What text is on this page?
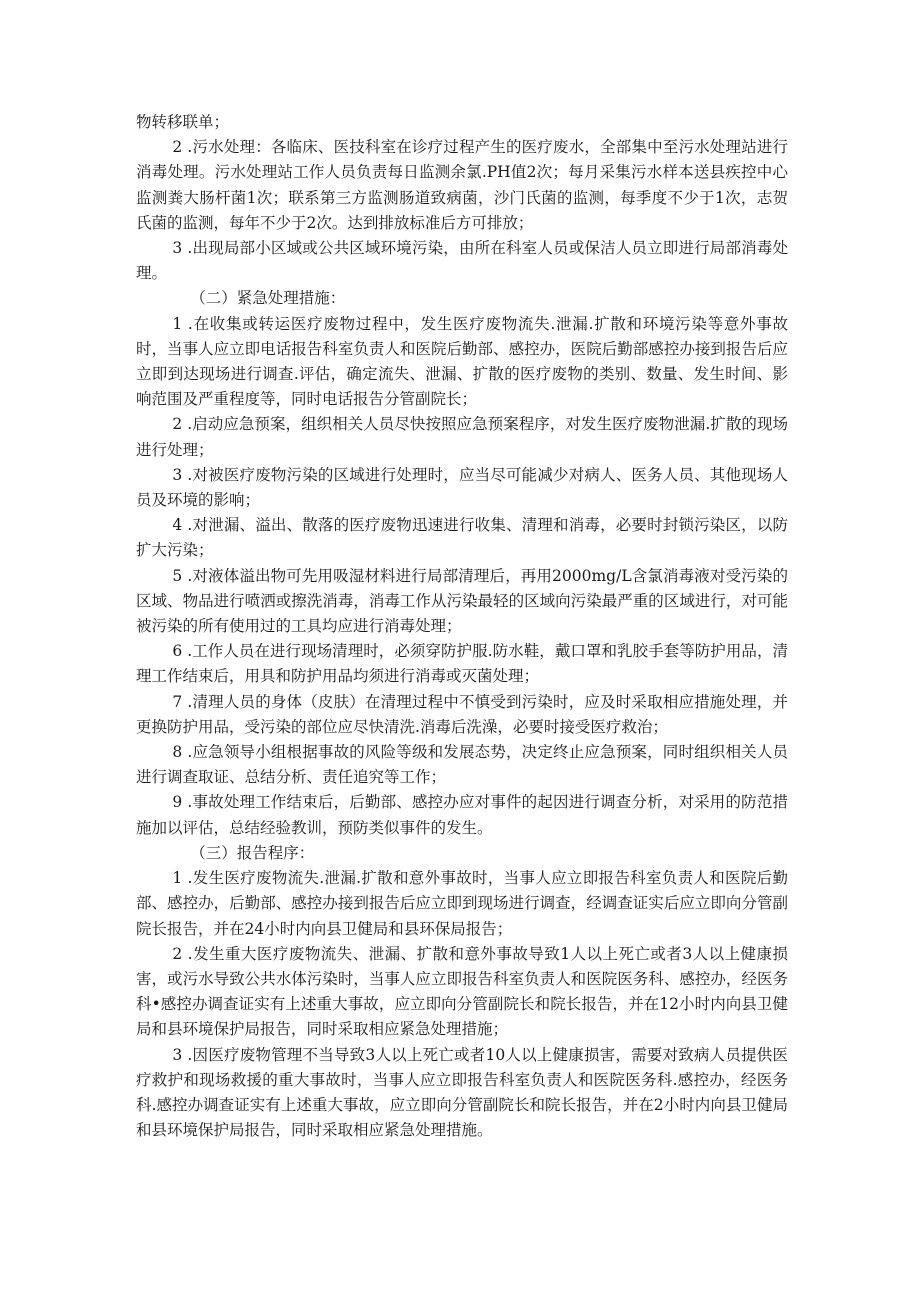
物转移联单；

2 .污水处理：各临床、医技科室在诊疗过程产生的医疗废水，全部集中至污水处理站进行消毒处理。污水处理站工作人员负责每日监测余氯.PH值2次；每月采集污水样本送县疾控中心监测粪大肠杆菌1次；联系第三方监测肠道致病菌，沙门氏菌的监测，每季度不少于1次，志贺氏菌的监测，每年不少于2次。达到排放标准后方可排放；

3 .出现局部小区域或公共区域环境污染，由所在科室人员或保洁人员立即进行局部消毒处理。

（二）紧急处理措施：

1 .在收集或转运医疗废物过程中，发生医疗废物流失.泄漏.扩散和环境污染等意外事故时，当事人应立即电话报告科室负责人和医院后勤部、感控办，医院后勤部感控办接到报告后应立即到达现场进行调查.评估，确定流失、泄漏、扩散的医疗废物的类别、数量、发生时间、影响范围及严重程度等，同时电话报告分管副院长；

2 .启动应急预案，组织相关人员尽快按照应急预案程序，对发生医疗废物泄漏.扩散的现场进行处理；

3 .对被医疗废物污染的区域进行处理时，应当尽可能减少对病人、医务人员、其他现场人员及环境的影响；

4 .对泄漏、溢出、散落的医疗废物迅速进行收集、清理和消毒，必要时封锁污染区，以防扩大污染；

5 .对液体溢出物可先用吸湿材料进行局部清理后，再用2000mg/L含氯消毒液对受污染的区域、物品进行喷洒或擦洗消毒，消毒工作从污染最轻的区域向污染最严重的区域进行，对可能被污染的所有使用过的工具均应进行消毒处理；

6 .工作人员在进行现场清理时，必须穿防护服.防水鞋，戴口罩和乳胶手套等防护用品，清理工作结束后，用具和防护用品均须进行消毒或灭菌处理；

7 .清理人员的身体（皮肤）在清理过程中不慎受到污染时，应及时采取相应措施处理，并更换防护用品，受污染的部位应尽快清洗.消毒后洗澡，必要时接受医疗救治；

8 .应急领导小组根据事故的风险等级和发展态势，决定终止应急预案，同时组织相关人员进行调查取证、总结分析、责任追究等工作；

9 .事故处理工作结束后，后勤部、感控办应对事件的起因进行调查分析，对采用的防范措施加以评估，总结经验教训，预防类似事件的发生。

（三）报告程序：

1 .发生医疗废物流失.泄漏.扩散和意外事故时，当事人应立即报告科室负责人和医院后勤部、感控办，后勤部、感控办接到报告后应立即到现场进行调查，经调查证实后应立即向分管副院长报告，并在24小时内向县卫健局和县环保局报告；

2 .发生重大医疗废物流失、泄漏、扩散和意外事故导致1人以上死亡或者3人以上健康损害，或污水导致公共水体污染时，当事人应立即报告科室负责人和医院医务科、感控办，经医务科•感控办调查证实有上述重大事故，应立即向分管副院长和院长报告，并在12小时内向县卫健局和县环境保护局报告，同时采取相应紧急处理措施；

3 .因医疗废物管理不当导致3人以上死亡或者10人以上健康损害，需要对致病人员提供医疗救护和现场救援的重大事故时，当事人应立即报告科室负责人和医院医务科.感控办，经医务科.感控办调查证实有上述重大事故，应立即向分管副院长和院长报告，并在2小时内向县卫健局和县环境保护局报告，同时采取相应紧急处理措施。
